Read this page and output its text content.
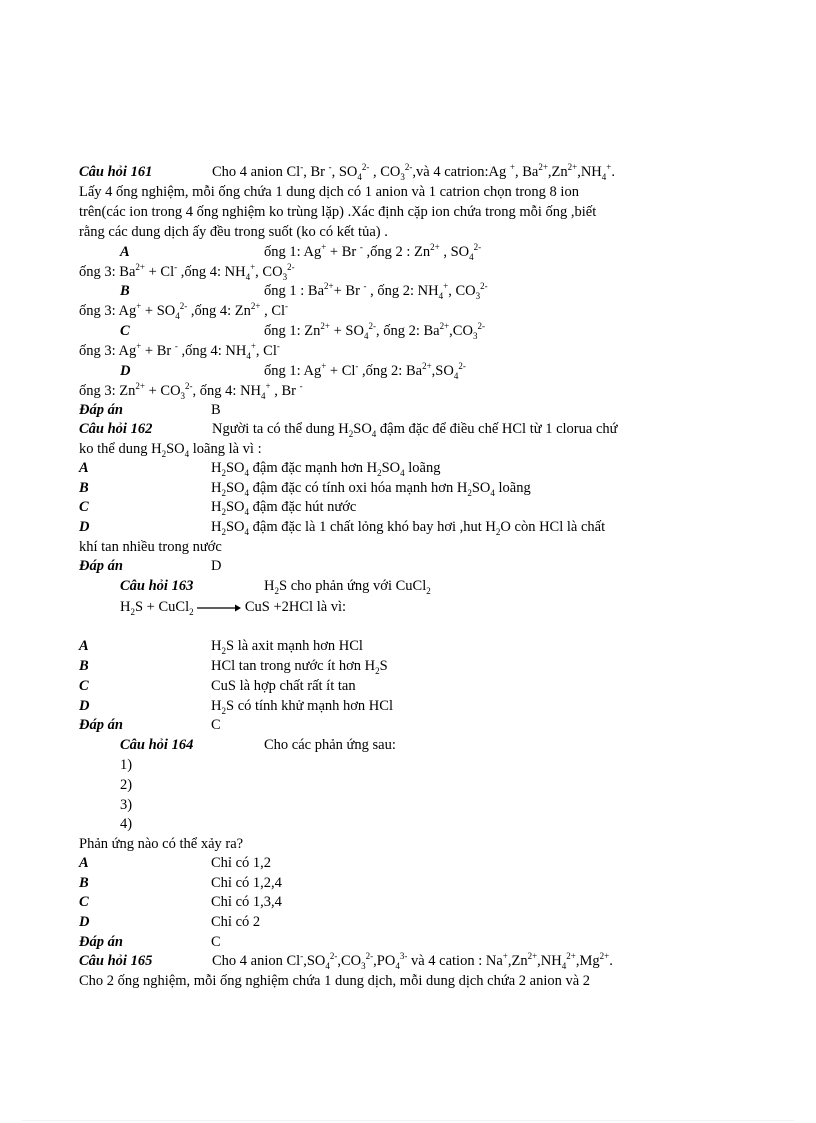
Câu hỏi 161	Cho 4 anion Cl-, Br -, $SO_4^{2-}$ , $CO_3^{2-},và$ 4 catrion:Ag +, $Ba^{2+},Zn^{2+},NH_4^+$.
Lấy 4 ống nghiệm, mỗi ống chứa 1 dung dịch có 1 anion và 1 catrion chọn trong 8 ion
trên(các ion trong 4 ống nghiệm ko trùng lặp) .Xác định cặp ion chứa trong mỗi ống ,biết
rằng các dung dịch ấy đều trong suốt (ko có kết tủa) .
A	ống 1: Ag+ + Br - ,ống 2 : $Zn^{2+}$ , $SO_4^{2-}$
ống 3: $Ba^{2+} + Cl^-$ ,ống 4: $NH_4^+$, $CO_3^{2-}$
B	ống 1 : $Ba^{2+}+ Br$ - , ống 2: $NH_4^+$, $CO_3^{2-}$
ống 3: $Ag^+ + SO_4^{2-}$ ,ống 4: $Zn^{2+}$ , Cl-
C	ống 1: $Zn^{2+} + SO_4^{2-}$, ống 2: $Ba^{2+},CO_3^{2-}$
ống 3: Ag+ + Br - ,ống 4: $NH_4^+$, Cl-
D	ống 1: Ag+ + Cl- ,ống 2: $Ba^{2+},SO_4^{2-}$
ống 3: $Zn^{2+} + CO_3^{2-}$, ống 4: $NH_4^+$ , Br -
Đáp án	B
Câu hỏi 162	Người ta có thể dung $H_2SO_4$ đậm đặc để điều chế HCl từ 1 clorua chứ
ko thể dung $H_2SO_4$ loãng là vì :
A	$H_2SO_4$ đậm đặc mạnh hơn $H_2SO_4$ loãng
B	$H_2SO_4$ đậm đặc có tính oxi hóa mạnh hơn $H_2SO_4$ loãng
C	$H_2SO_4$ đậm đặc hút nước
D	$H_2SO_4$ đậm đặc là 1 chất lỏng khó bay hơi ,hut $H_2O$ còn HCl là chất
khí tan nhiều trong nước
Đáp án	D
Câu hỏi 163	$H_2S$ cho phản ứng với CuCl$_2$
$H_2S$ + CuCl$_2$	CuS +2HCl là vì:
A	$H_2S$ là axit mạnh hơn HCl
B	HCl tan trong nước ít hơn $H_2S$
C	CuS là hợp chất rất ít tan
D	$H_2S$ có tính khử mạnh hơn HCl
Đáp án	C
Câu hỏi 164	Cho các phản ứng sau:
1)
2)
3)
4)
Phản ứng nào có thể xảy ra?
A	Chỉ có 1,2
B	Chỉ có 1,2,4
C	Chỉ có 1,3,4
D	Chỉ có 2
Đáp án	C
Câu hỏi 165	Cho 4 anion $Cl^-,SO_4^{2-},CO_3^{2-},PO_4^{3-}$ và 4 cation : $Na^+,Zn^{2+},NH_4^{2+},Mg^{2+}$.
Cho 2 ống nghiệm, mỗi ống nghiệm chứa 1 dung dịch, mỗi dung dịch chứa 2 anion và 2
